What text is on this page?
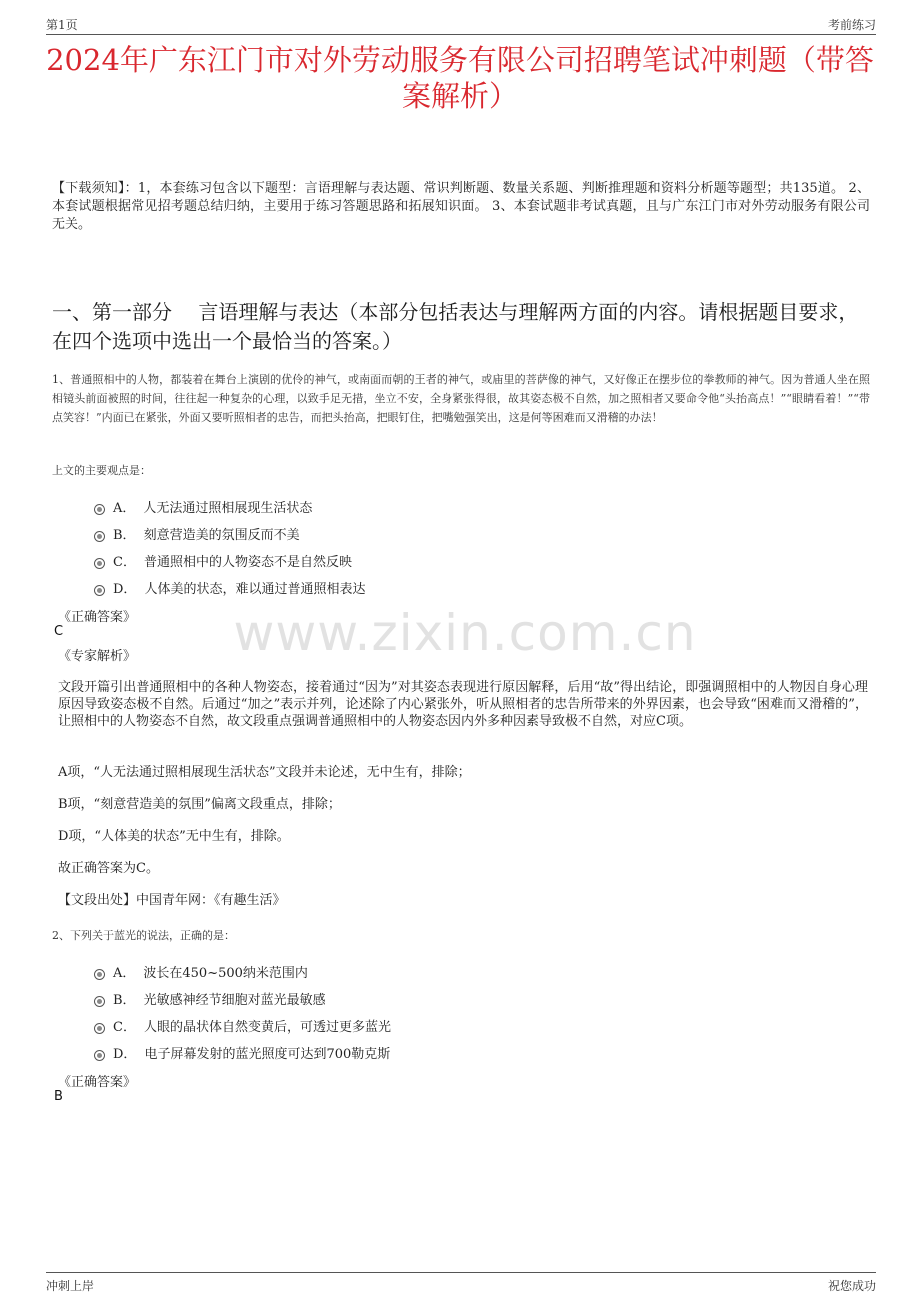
第1页	考前练习
2024年广东江门市对外劳动服务有限公司招聘笔试冲刺题（带答案解析）
【下载须知】：1，本套练习包含以下题型：言语理解与表达题、常识判断题、数量关系题、判断推理题和资料分析题等题型；共135道。 2、本套试题根据常见招考题总结归纳，主要用于练习答题思路和拓展知识面。 3、本套试题非考试真题，且与广东江门市对外劳动服务有限公司无关。
一、第一部分　 言语理解与表达（本部分包括表达与理解两方面的内容。请根据题目要求，在四个选项中选出一个最恰当的答案。）
1、普通照相中的人物，都装着在舞台上演剧的优伶的神气，或南面而朝的王者的神气，或庙里的菩萨像的神气，又好像正在摆步位的拳教师的神气。因为普通人坐在照相镜头前面被照的时间，往往起一种复杂的心理，以致手足无措，坐立不安，全身紧张得很，故其姿态极不自然，加之照相者又要命令他“头抬高点！”“眼睛看着！”“带点笑容！”内面已在紧张，外面又要听照相者的忠告，而把头抬高，把眼钉住，把嘴勉强笑出，这是何等困难而又滑稽的办法！
上文的主要观点是：
A． 人无法通过照相展现生活状态
B． 刻意营造美的氛围反而不美
C． 普通照相中的人物姿态不是自然反映
D． 人体美的状态，难以通过普通照相表达
《正确答案》
C
《专家解析》 www.zixin.com.cn
文段开篇引出普通照相中的各种人物姿态，接着通过“因为”对其姿态表现进行原因解释，后用“故”得出结论，即强调照相中的人物因自身心理原因导致姿态极不自然。后通过“加之”表示并列，论述除了内心紧张外，听从照相者的忠告所带来的外界因素，也会导致“困难而又滑稽的”，让照相中的人物姿态不自然，故文段重点强调普通照相中的人物姿态因内外多种因素导致极不自然，对应C项。
A项，“人无法通过照相展现生活状态”文段并未论述，无中生有，排除；
B项，“刻意营造美的氛围”偏离文段重点，排除；
D项，“人体美的状态”无中生有，排除。
故正确答案为C。
【文段出处】中国青年网：《有趣生活》
2、下列关于蓝光的说法，正确的是：
A． 波长在450~500纳米范围内
B． 光敏感神经节细胞对蓝光最敏感
C． 人眼的晶状体自然变黄后，可透过更多蓝光
D． 电子屏幕发射的蓝光照度可达到700勒克斯
《正确答案》
B
冲刺上岸	祝您成功
